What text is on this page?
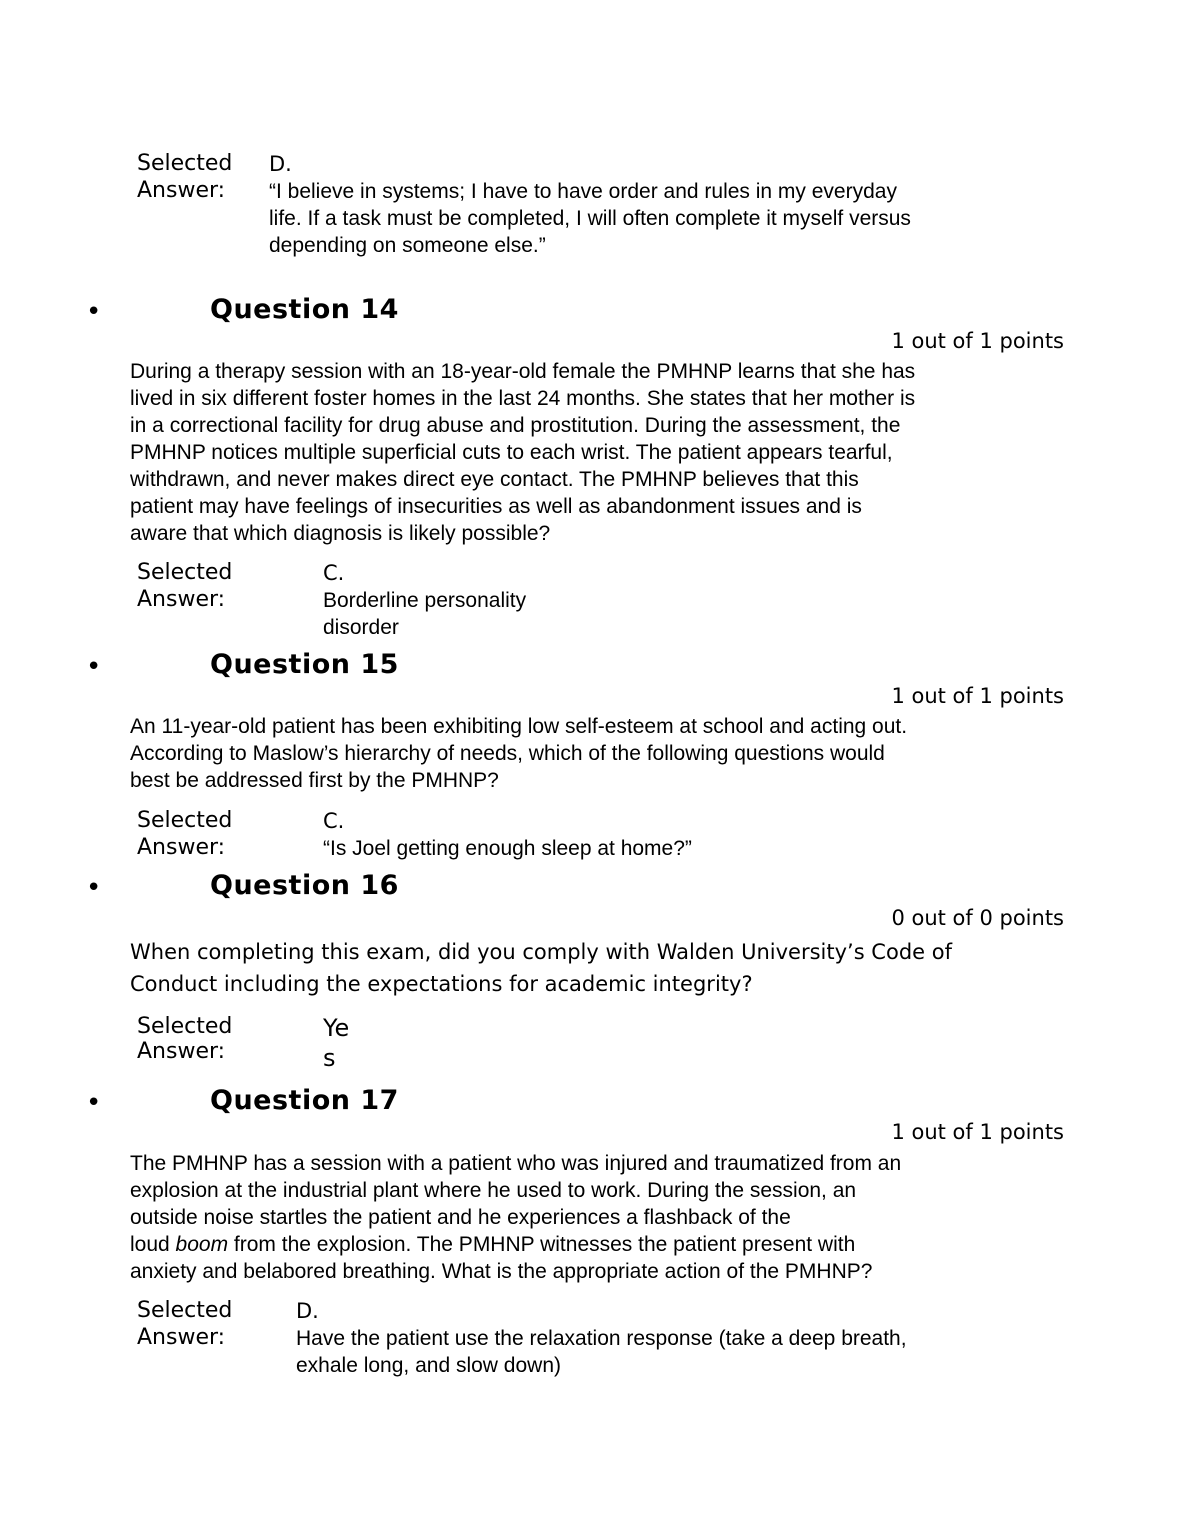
Selected
Answer:
D.
“I believe in systems; I have to have order and rules in my everyday
life. If a task must be completed, I will often complete it myself versus
depending on someone else.”
•	Question 14
1 out of 1 points
During a therapy session with an 18-year-old female the PMHNP learns that she has
lived in six different foster homes in the last 24 months. She states that her mother is
in a correctional facility for drug abuse and prostitution. During the assessment, the
PMHNP notices multiple superficial cuts to each wrist. The patient appears tearful,
withdrawn, and never makes direct eye contact. The PMHNP believes that this
patient may have feelings of insecurities as well as abandonment issues and is
aware that which diagnosis is likely possible?
Selected
Answer:
C.
Borderline personality
disorder
•	Question 15
1 out of 1 points
An 11-year-old patient has been exhibiting low self-esteem at school and acting out.
According to Maslow’s hierarchy of needs, which of the following questions would
best be addressed first by the PMHNP?
Selected
Answer:
C.
“Is Joel getting enough sleep at home?”
•	Question 16
0 out of 0 points
When completing this exam, did you comply with Walden University’s Code of
Conduct including the expectations for academic integrity?
Selected
Answer:
Ye
s
•	Question 17
1 out of 1 points
The PMHNP has a session with a patient who was injured and traumatized from an
explosion at the industrial plant where he used to work. During the session, an
outside noise startles the patient and he experiences a flashback of the
loud boom from the explosion. The PMHNP witnesses the patient present with
anxiety and belabored breathing. What is the appropriate action of the PMHNP?
Selected
Answer:
D.
Have the patient use the relaxation response (take a deep breath,
exhale long, and slow down)
